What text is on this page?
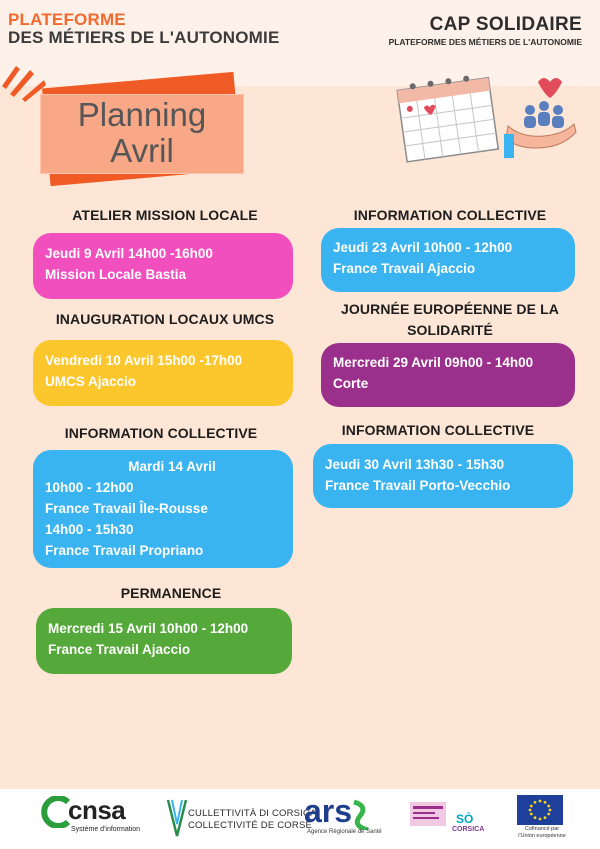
PLATEFORME
DES MÉTIERS DE L'AUTONOMIE
CAP SOLIDAIRE
PLATEFORME DES MÉTIERS DE L'AUTONOMIE
Planning
Avril
ATELIER MISSION LOCALE
Jeudi 9 Avril 14h00 -16h00
Mission Locale Bastia
INAUGURATION LOCAUX UMCS
Vendredi 10 Avril 15h00 -17h00
UMCS Ajaccio
INFORMATION COLLECTIVE
Mardi 14 Avril
10h00 - 12h00
France Travail Île-Rousse
14h00 - 15h30
France Travail Propriano
PERMANENCE
Mercredi 15 Avril 10h00 - 12h00
France Travail Ajaccio
INFORMATION COLLECTIVE
Jeudi 23 Avril 10h00 - 12h00
France Travail Ajaccio
JOURNÉE EUROPÉENNE DE LA
SOLIDARITÉ
Mercredi 29 Avril 09h00 - 14h00
Corte
INFORMATION COLLECTIVE
Jeudi 30 Avril 13h30 - 15h30
France Travail Porto-Vecchio
cnsa
Système d'information
CULLETTIVITÀ DI CORSICA
COLLECTIVITÉ DE CORSE
ars
Agence Régionale de Santé
SÒ
CORSICA	Cofinancé par
l'Union européenne
